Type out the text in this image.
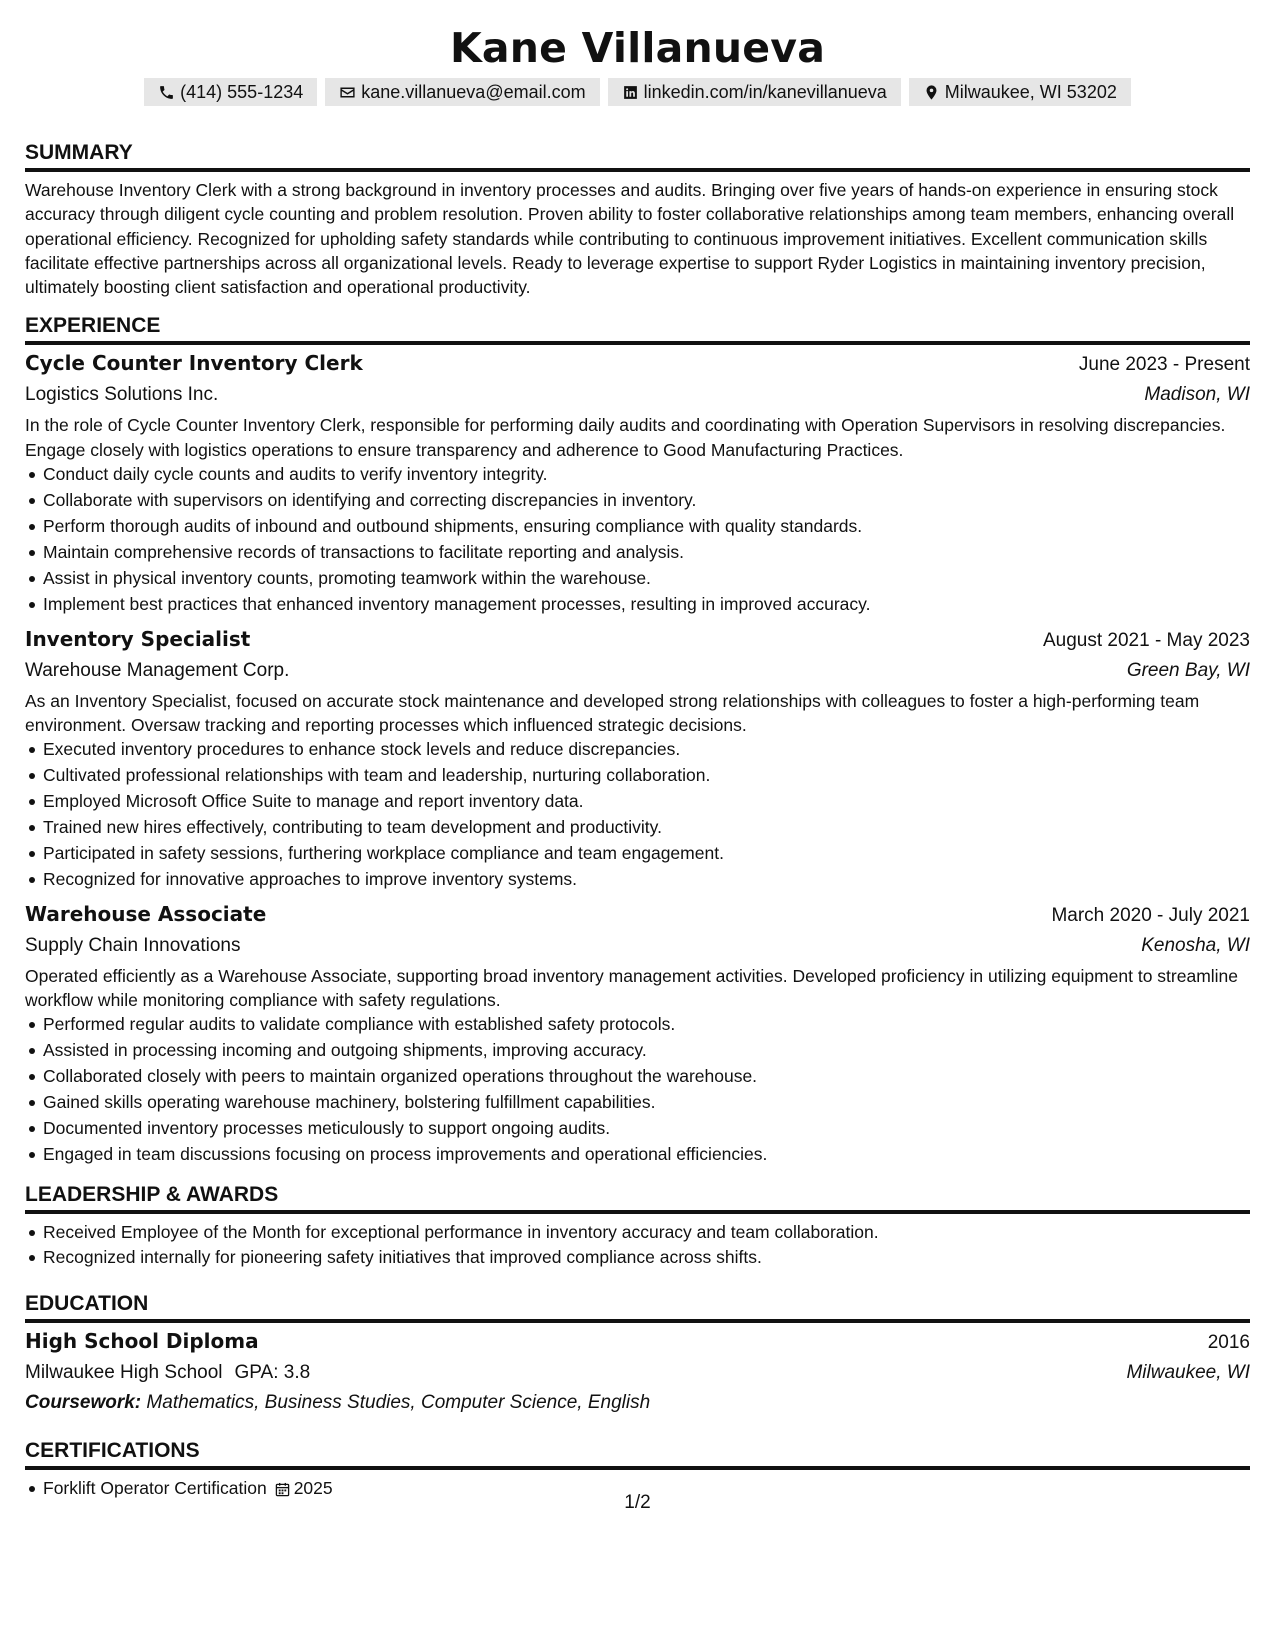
Kane Villanueva
(414) 555-1234	kane.villanueva@email.com	linkedin.com/in/kanevillanueva	Milwaukee, WI 53202
SUMMARY

Warehouse Inventory Clerk with a strong background in inventory processes and audits. Bringing over five years of hands-on experience in ensuring stock accuracy through diligent cycle counting and problem resolution. Proven ability to foster collaborative relationships among team members, enhancing overall operational efficiency. Recognized for upholding safety standards while contributing to continuous improvement initiatives. Excellent communication skills facilitate effective partnerships across all organizational levels. Ready to leverage expertise to support Ryder Logistics in maintaining inventory precision, ultimately boosting client satisfaction and operational productivity.

EXPERIENCE
Cycle Counter Inventory Clerk	June 2023 - Present
Logistics Solutions Inc.	Madison, WI

In the role of Cycle Counter Inventory Clerk, responsible for performing daily audits and coordinating with Operation Supervisors in resolving discrepancies. Engage closely with logistics operations to ensure transparency and adherence to Good Manufacturing Practices.

Conduct daily cycle counts and audits to verify inventory integrity.
Collaborate with supervisors on identifying and correcting discrepancies in inventory.
Perform thorough audits of inbound and outbound shipments, ensuring compliance with quality standards.
Maintain comprehensive records of transactions to facilitate reporting and analysis.
Assist in physical inventory counts, promoting teamwork within the warehouse.
Implement best practices that enhanced inventory management processes, resulting in improved accuracy.
Inventory Specialist	August 2021 - May 2023
Warehouse Management Corp.	Green Bay, WI

As an Inventory Specialist, focused on accurate stock maintenance and developed strong relationships with colleagues to foster a high-performing team environment. Oversaw tracking and reporting processes which influenced strategic decisions.

Executed inventory procedures to enhance stock levels and reduce discrepancies.
Cultivated professional relationships with team and leadership, nurturing collaboration.
Employed Microsoft Office Suite to manage and report inventory data.
Trained new hires effectively, contributing to team development and productivity.
Participated in safety sessions, furthering workplace compliance and team engagement.
Recognized for innovative approaches to improve inventory systems.
Warehouse Associate	March 2020 - July 2021
Supply Chain Innovations	Kenosha, WI

Operated efficiently as a Warehouse Associate, supporting broad inventory management activities. Developed proficiency in utilizing equipment to streamline workflow while monitoring compliance with safety regulations.

Performed regular audits to validate compliance with established safety protocols.
Assisted in processing incoming and outgoing shipments, improving accuracy.
Collaborated closely with peers to maintain organized operations throughout the warehouse.
Gained skills operating warehouse machinery, bolstering fulfillment capabilities.
Documented inventory processes meticulously to support ongoing audits.
Engaged in team discussions focusing on process improvements and operational efficiencies.
LEADERSHIP & AWARDS
Received Employee of the Month for exceptional performance in inventory accuracy and team collaboration.
Recognized internally for pioneering safety initiatives that improved compliance across shifts.
EDUCATION
High School Diploma	2016
Milwaukee High School GPA: 3.8	Milwaukee, WI
Coursework: Mathematics, Business Studies, Computer Science, English
CERTIFICATIONS
Forklift Operator Certification 2025
1/2
